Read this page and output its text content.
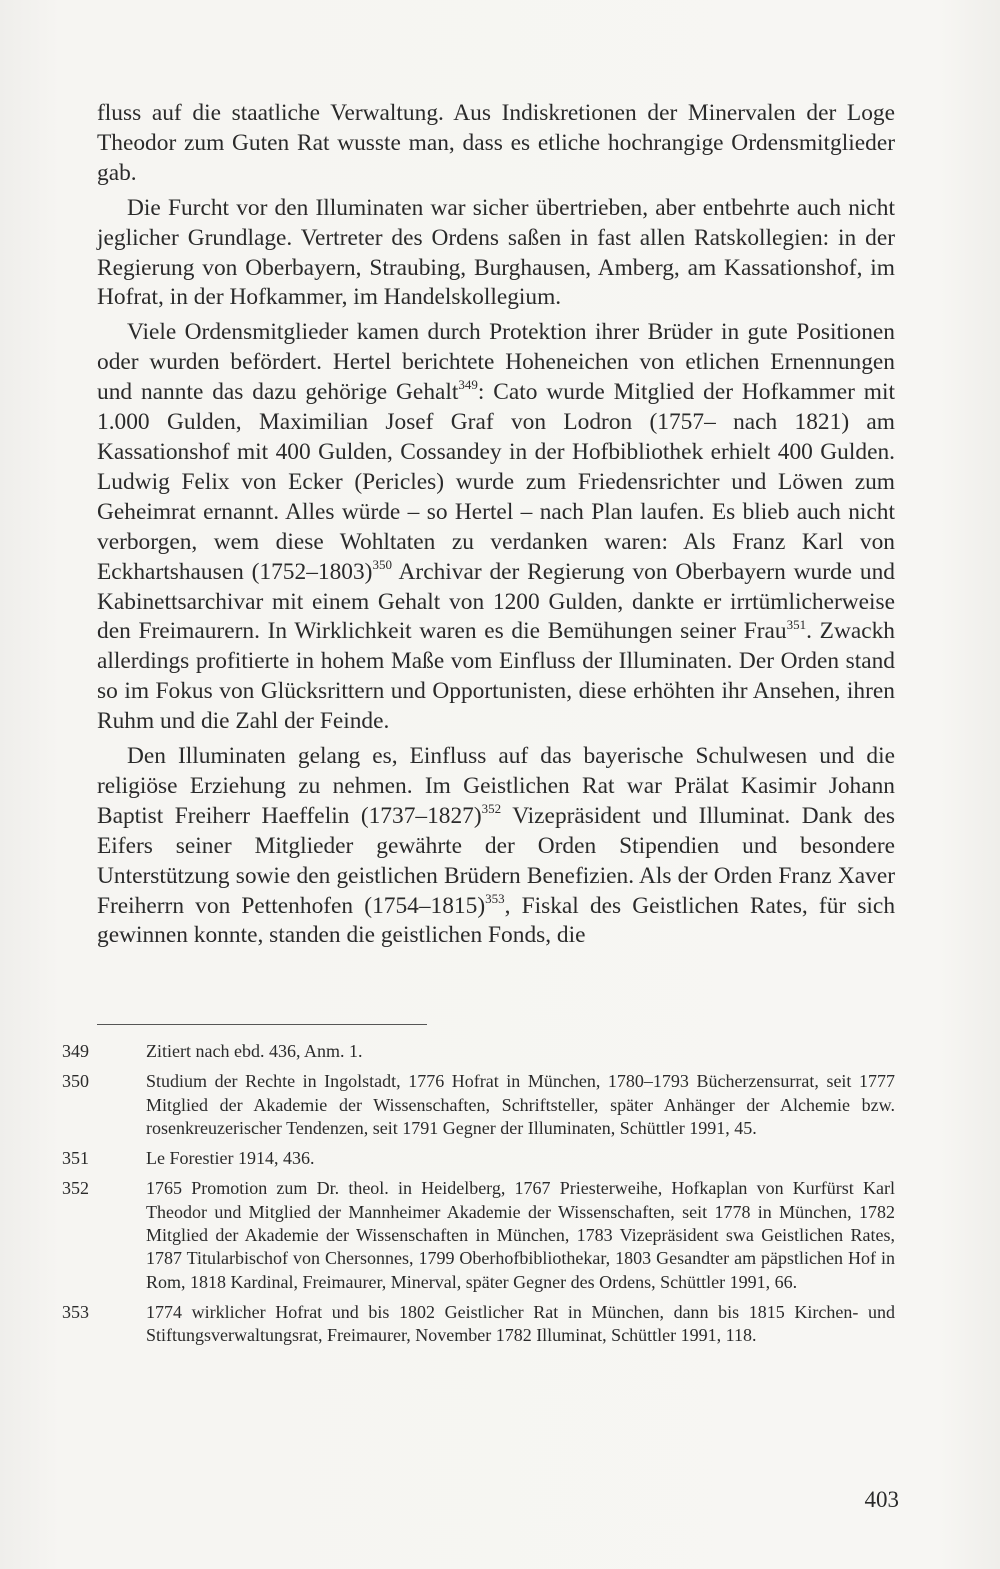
fluss auf die staatliche Verwaltung. Aus Indiskretionen der Minervalen der Loge Theodor zum Guten Rat wusste man, dass es etliche hochrangige Ordensmitglieder gab.

Die Furcht vor den Illuminaten war sicher übertrieben, aber entbehrte auch nicht jeglicher Grundlage. Vertreter des Ordens saßen in fast allen Ratskollegien: in der Regierung von Oberbayern, Straubing, Burghausen, Amberg, am Kassationshof, im Hofrat, in der Hofkammer, im Handelskollegium.

Viele Ordensmitglieder kamen durch Protektion ihrer Brüder in gute Positionen oder wurden befördert. Hertel berichtete Hoheneichen von etlichen Ernennungen und nannte das dazu gehörige Gehalt$^{349}$: Cato wurde Mitglied der Hofkammer mit 1.000 Gulden, Maximilian Josef Graf von Lodron (1757– nach 1821) am Kassationshof mit 400 Gulden, Cossandey in der Hofbibliothek erhielt 400 Gulden. Ludwig Felix von Ecker (Pericles) wurde zum Friedensrichter und Löwen zum Geheimrat ernannt. Alles würde – so Hertel – nach Plan laufen. Es blieb auch nicht verborgen, wem diese Wohltaten zu verdanken waren: Als Franz Karl von Eckhartshausen (1752–1803)$^{350}$ Archivar der Regierung von Oberbayern wurde und Kabinettsarchivar mit einem Gehalt von 1200 Gulden, dankte er irrtümlicherweise den Freimaurern. In Wirklichkeit waren es die Bemühungen seiner Frau$^{351}$. Zwackh allerdings profitierte in hohem Maße vom Einfluss der Illuminaten. Der Orden stand so im Fokus von Glücksrittern und Opportunisten, diese erhöhten ihr Ansehen, ihren Ruhm und die Zahl der Feinde.

Den Illuminaten gelang es, Einfluss auf das bayerische Schulwesen und die religiöse Erziehung zu nehmen. Im Geistlichen Rat war Prälat Kasimir Johann Baptist Freiherr Haeffelin (1737–1827)$^{352}$ Vizepräsident und Illuminat. Dank des Eifers seiner Mitglieder gewährte der Orden Stipendien und besondere Unterstützung sowie den geistlichen Brüdern Benefizien. Als der Orden Franz Xaver Freiherrn von Pettenhofen (1754–1815)$^{353}$, Fiskal des Geistlichen Rates, für sich gewinnen konnte, standen die geistlichen Fonds, die

349	Zitiert nach ebd. 436, Anm. 1.
350	Studium der Rechte in Ingolstadt, 1776 Hofrat in München, 1780–1793 Bücherzensurrat, seit 1777 Mitglied der Akademie der Wissenschaften, Schriftsteller, später Anhänger der Alchemie bzw. rosenkreuzerischer Tendenzen, seit 1791 Gegner der Illuminaten, Schüttler 1991, 45.
351	Le Forestier 1914, 436.
352	1765 Promotion zum Dr. theol. in Heidelberg, 1767 Priesterweihe, Hofkaplan von Kurfürst Karl Theodor und Mitglied der Mannheimer Akademie der Wissenschaften, seit 1778 in München, 1782 Mitglied der Akademie der Wissenschaften in München, 1783 Vizepräsident swa Geistlichen Rates, 1787 Titularbischof von Chersonnes, 1799 Oberhofbibliothekar, 1803 Gesandter am päpstlichen Hof in Rom, 1818 Kardinal, Freimaurer, Minerval, später Gegner des Ordens, Schüttler 1991, 66.
353	1774 wirklicher Hofrat und bis 1802 Geistlicher Rat in München, dann bis 1815 Kirchen- und Stiftungsverwaltungsrat, Freimaurer, November 1782 Illuminat, Schüttler 1991, 118.
403
